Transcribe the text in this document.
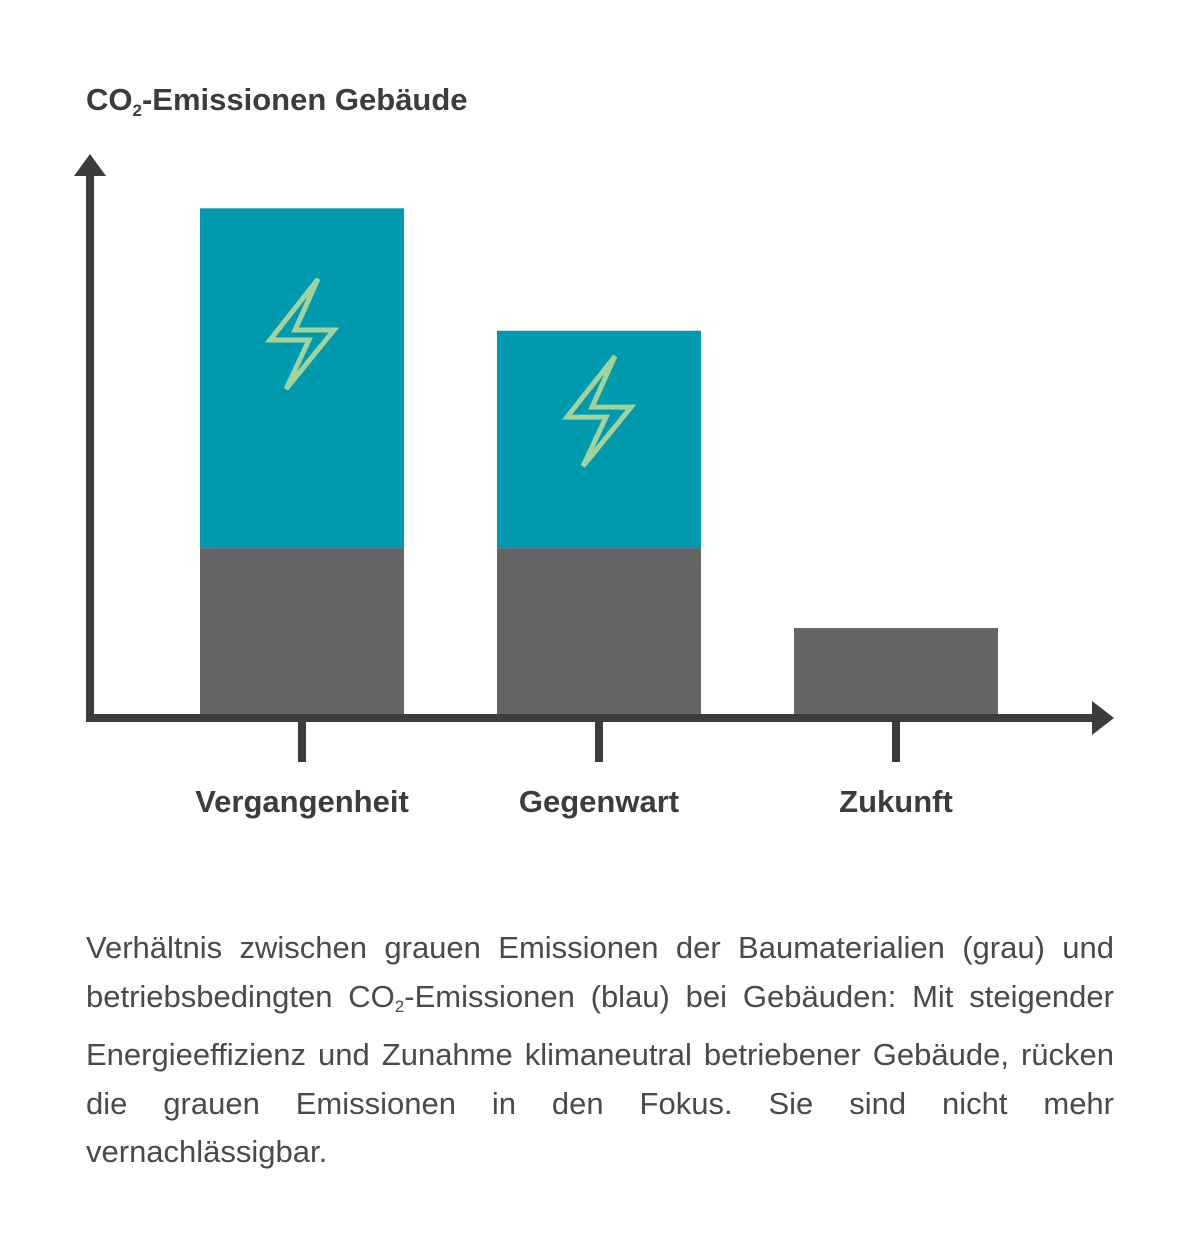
$CO_2$-Emissionen Gebäude
Vergangenheit	Gegenwart	Zukunft
Verhältnis zwischen grauen Emissionen der Baumaterialien (grau) und betriebsbedingten $CO_2$-Emissionen (blau) bei Gebäuden: Mit steigender Energieeffizienz und Zunahme klimaneutral betriebener Gebäude, rücken die grauen Emissionen in den Fokus. Sie sind nicht mehr vernachlässigbar.
